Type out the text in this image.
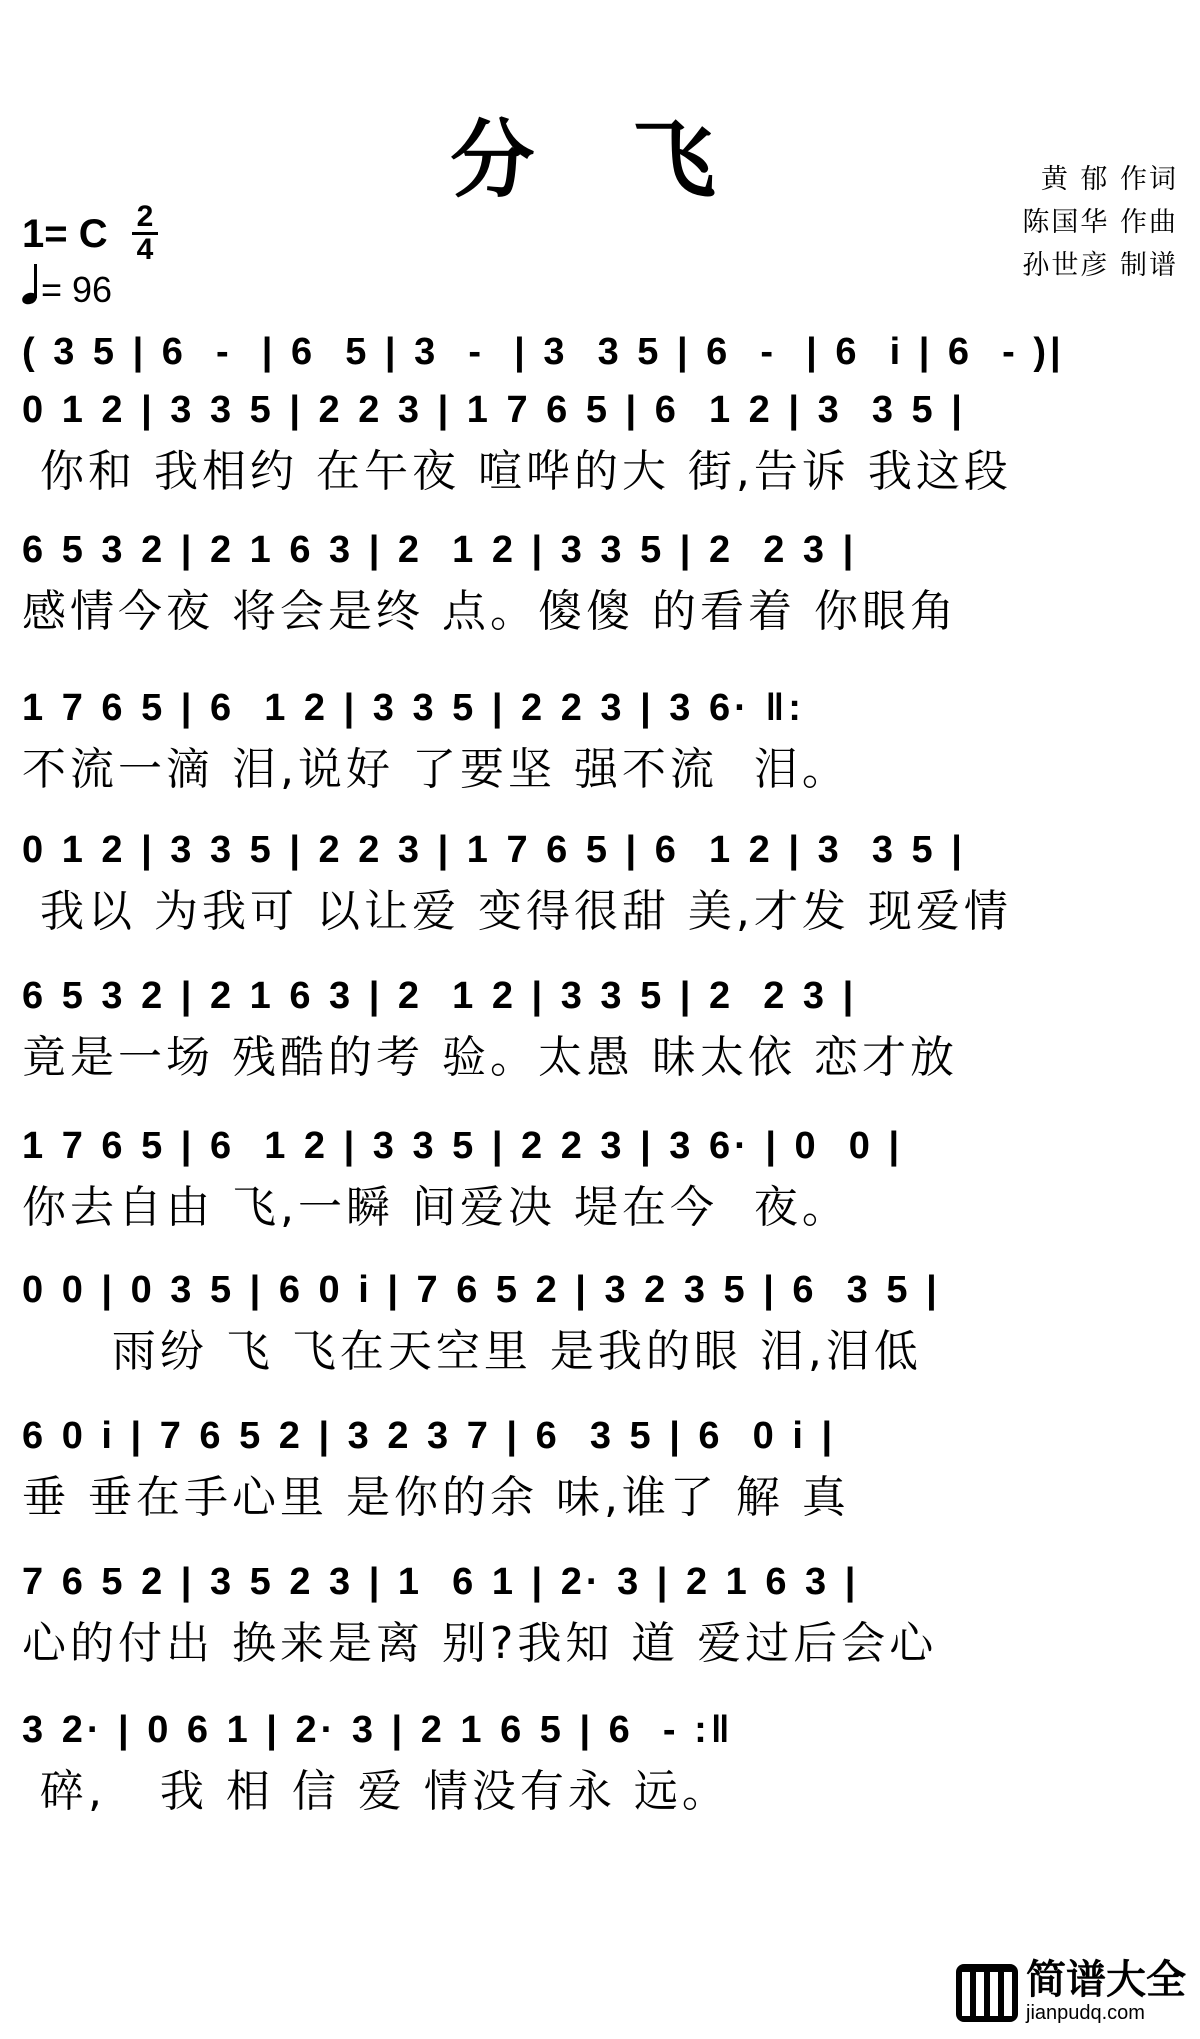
分 飞	黄 郁 作词
陈国华 作曲
孙世彦 制谱
1= C 2
4
= 96
( 3 5 | 6  -  | 6  5 | 3  -  | 3  3 5 | 6  -  | 6  i | 6  - )|
0 1 2 | 3 3 5 | 2 2 3 | 1 7 6 5 | 6  1 2 | 3  3 5 |
你和 我相约 在午夜 喧哗的大 街,告诉 我这段
6 5 3 2 | 2 1 6 3 | 2  1 2 | 3 3 5 | 2  2 3 |
感情今夜 将会是终 点。傻傻 的看着 你眼角
1 7 6 5 | 6  1 2 | 3 3 5 | 2 2 3 | 3 6· ‖:
不流一滴 泪,说好 了要坚 强不流  泪。
0 1 2 | 3 3 5 | 2 2 3 | 1 7 6 5 | 6  1 2 | 3  3 5 |
我以 为我可 以让爱 变得很甜 美,才发 现爱情
6 5 3 2 | 2 1 6 3 | 2  1 2 | 3 3 5 | 2  2 3 |
竟是一场 残酷的考 验。太愚 昧太依 恋才放
1 7 6 5 | 6  1 2 | 3 3 5 | 2 2 3 | 3 6· | 0  0 |
你去自由 飞,一瞬 间爱决 堤在今  夜。
0 0 | 0 3 5 | 6 0 i | 7 6 5 2 | 3 2 3 5 | 6  3 5 |
雨纷 飞 飞在天空里 是我的眼 泪,泪低
6 0 i | 7 6 5 2 | 3 2 3 7 | 6  3 5 | 6  0 i |
垂 垂在手心里 是你的余 味,谁了 解 真
7 6 5 2 | 3 5 2 3 | 1  6 1 | 2· 3 | 2 1 6 3 |
心的付出 换来是离 别?我知 道 爱过后会心
3 2· | 0 6 1 | 2· 3 | 2 1 6 5 | 6  - :‖
碎,   我 相 信 爱 情没有永 远。
简谱大全
jianpudq.com
